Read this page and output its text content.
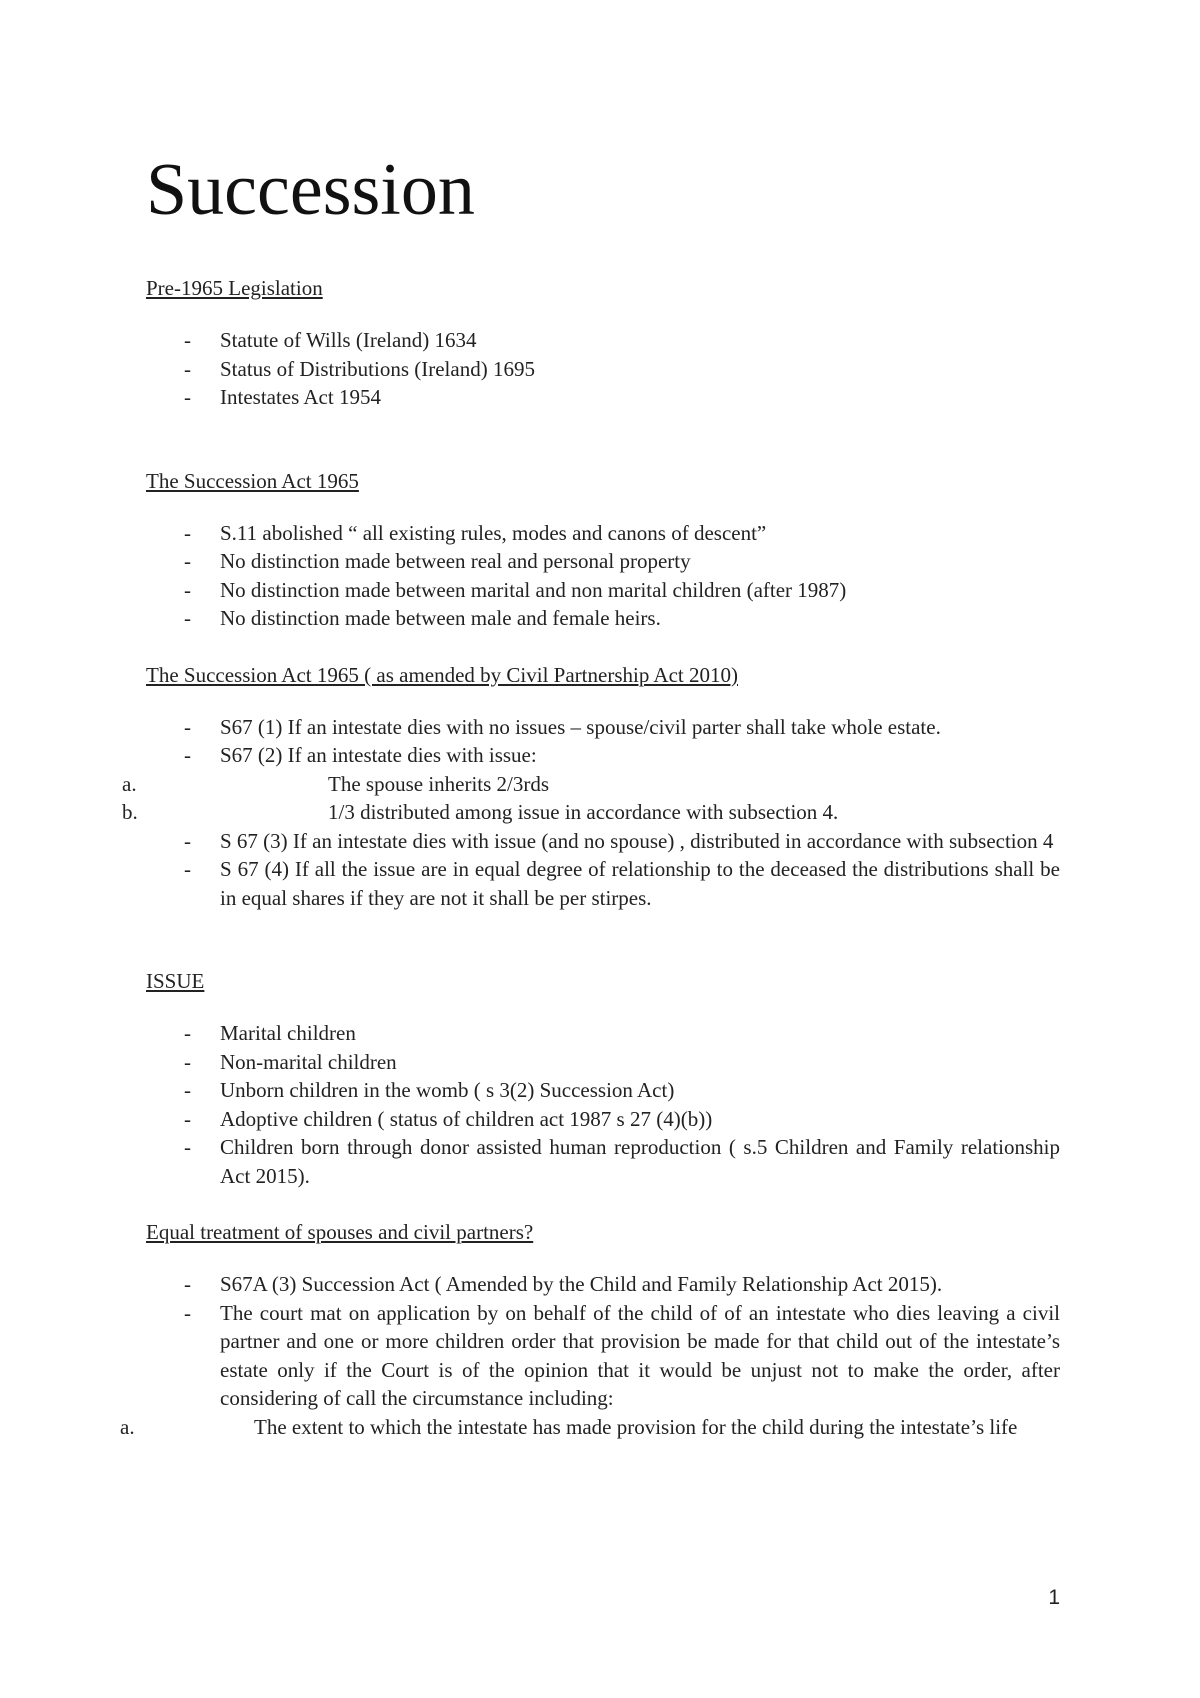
Succession

Pre-1965 Legislation

- Statute of Wills (Ireland) 1634
- Status of Distributions (Ireland) 1695
- Intestates Act 1954

The Succession Act 1965

- S.11 abolished “ all existing rules, modes and canons of descent”
- No distinction made between real and personal property
- No distinction made between marital and non marital children (after 1987)
- No distinction made between male and female heirs.

The Succession Act 1965 ( as amended by Civil Partnership Act 2010)

- S67 (1) If an intestate dies with no issues – spouse/civil parter shall take whole estate.
- S67 (2) If an intestate dies with issue:
a.	The spouse inherits 2/3rds
b.	1/3 distributed among issue in accordance with subsection 4.
- S 67 (3) If an intestate dies with issue (and no spouse) , distributed in accordance with subsection 4
- S 67 (4) If all the issue are in equal degree of relationship to the deceased the distributions shall be in equal shares if they are not it shall be per stirpes.

ISSUE

- Marital children
- Non-marital children
- Unborn children in the womb ( s 3(2) Succession Act)
- Adoptive children ( status of children act 1987 s 27 (4)(b))
- Children born through donor assisted human reproduction ( s.5 Children and Family relationship Act 2015).

Equal treatment of spouses and civil partners?

- S67A (3) Succession Act ( Amended by the Child and Family Relationship Act 2015).
- The court mat on application by on behalf of the child of of an intestate who dies leaving a civil partner and one or more children order that provision be made for that child out of the intestate’s estate only if the Court is of the opinion that it would be unjust not to make the order, after considering of call the circumstance including:
a.	The extent to which the intestate has made provision for the child during the intestate’s life
1
